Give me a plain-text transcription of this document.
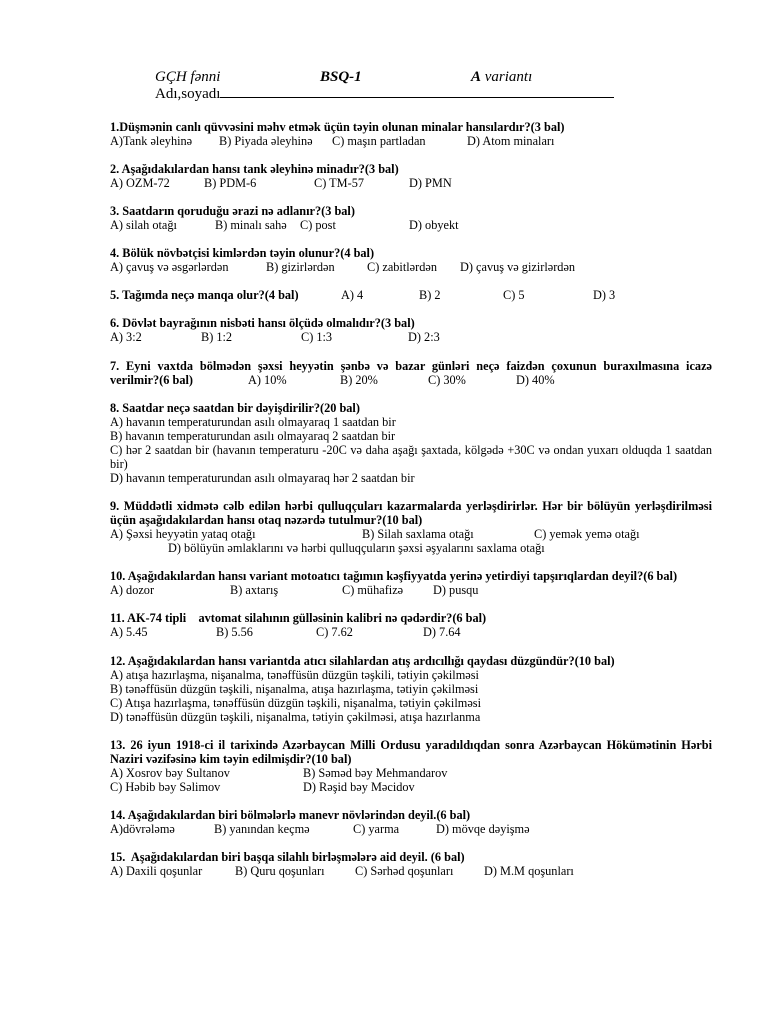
GÇH fənni	BSQ-1	A variantı
Adı,soyadı
1.Düşmənin canlı qüvvəsini məhv etmək üçün təyin olunan minalar hansılardır?(3 bal)
A)Tank əleyhinə B) Piyada əleyhinə C) maşın partladan	D) Atom minaları
2. Aşağıdakılardan hansı tank əleyhinə minadır?(3 bal)
A) OZM-72	B) PDM-6	C) TM-57	D) PMN
3. Saatdarın qoruduğu ərazi nə adlanır?(3 bal)
A) silah otağı	B) minalı sahə C) post	D) obyekt
4. Bölük növbətçisi kimlərdən təyin olunur?(4 bal)
A) çavuş və əsgərlərdən	B) gizirlərdən	C) zabitlərdən D) çavuş və gizirlərdən
5. Tağımda neçə manqa olur?(4 bal)	A) 4	B) 2	C) 5	D) 3
6. Dövlət bayrağının nisbəti hansı ölçüdə olmalıdır?(3 bal)
A) 3:2	B) 1:2	C) 1:3	D) 2:3
7. Eyni vaxtda bölmədən şəxsi heyyətin şənbə və bazar günləri neçə faizdən çoxunun buraxılmasına icazə
verilmir?(6 bal)	A) 10%	B) 20%	C) 30%	D) 40%
8. Saatdar neçə saatdan bir dəyişdirilir?(20 bal)
A) havanın temperaturundan asılı olmayaraq 1 saatdan bir
B) havanın temperaturundan asılı olmayaraq 2 saatdan bir
C) hər 2 saatdan bir (havanın temperaturu -20C və daha aşağı şaxtada, kölgədə +30C və ondan yuxarı olduqda 1 saatdan bir)
D) havanın temperaturundan asılı olmayaraq hər 2 saatdan bir
9. Müddətli xidmətə cəlb edilən hərbi qulluqçuları kazarmalarda yerləşdirirlər. Hər bir bölüyün yerləşdirilməsi üçün aşağıdakılardan hansı otaq nəzərdə tutulmur?(10 bal)
A) Şəxsi heyyətin yataq otağı	B) Silah saxlama otağı	C) yemək yemə otağı
D) bölüyün əmlaklarını və hərbi qulluqçuların şəxsi əşyalarını saxlama otağı
10. Aşağıdakılardan hansı variant motoatıcı tağımın kəşfiyyatda yerinə yetirdiyi tapşırıqlardan deyil?(6 bal)
A) dozor	B) axtarış	C) mühafizə D) pusqu
11. AK-74 tipli    avtomat silahının gülləsinin kalibri nə qədərdir?(6 bal)
A) 5.45	B) 5.56	C) 7.62	D) 7.64
12. Aşağıdakılardan hansı variantda atıcı silahlardan atış ardıcıllığı qaydası düzgündür?(10 bal)
A) atışa hazırlaşma, nişanalma, tənəffüsün düzgün təşkili, tətiyin çəkilməsi
B) tənəffüsün düzgün təşkili, nişanalma, atışa hazırlaşma, tətiyin çəkilməsi
C) Atışa hazırlaşma, tənəffüsün düzgün təşkili, nişanalma, tətiyin çəkilməsi
D) tənəffüsün düzgün təşkili, nişanalma, tətiyin çəkilməsi, atışa hazırlanma
13. 26 iyun 1918-ci il tarixində Azərbaycan Milli Ordusu yaradıldıqdan sonra Azərbaycan Hökümətinin Hərbi Naziri vəzifəsinə kim təyin edilmişdir?(10 bal)
A) Xosrov bəy Sultanov	B) Səməd bəy Mehmandarov
C) Həbib bəy Səlimov	D) Rəşid bəy Məcidov
14. Aşağıdakılardan biri bölmələrlə manevr növlərindən deyil.(6 bal)
A)dövrələmə	B) yanından keçmə	C) yarma	D) mövqe dəyişmə
15.  Aşağıdakılardan biri başqa silahlı birləşmələrə aid deyil. (6 bal)
A) Daxili qoşunlar	B) Quru qoşunları C) Sərhəd qoşunları D) M.M qoşunları
